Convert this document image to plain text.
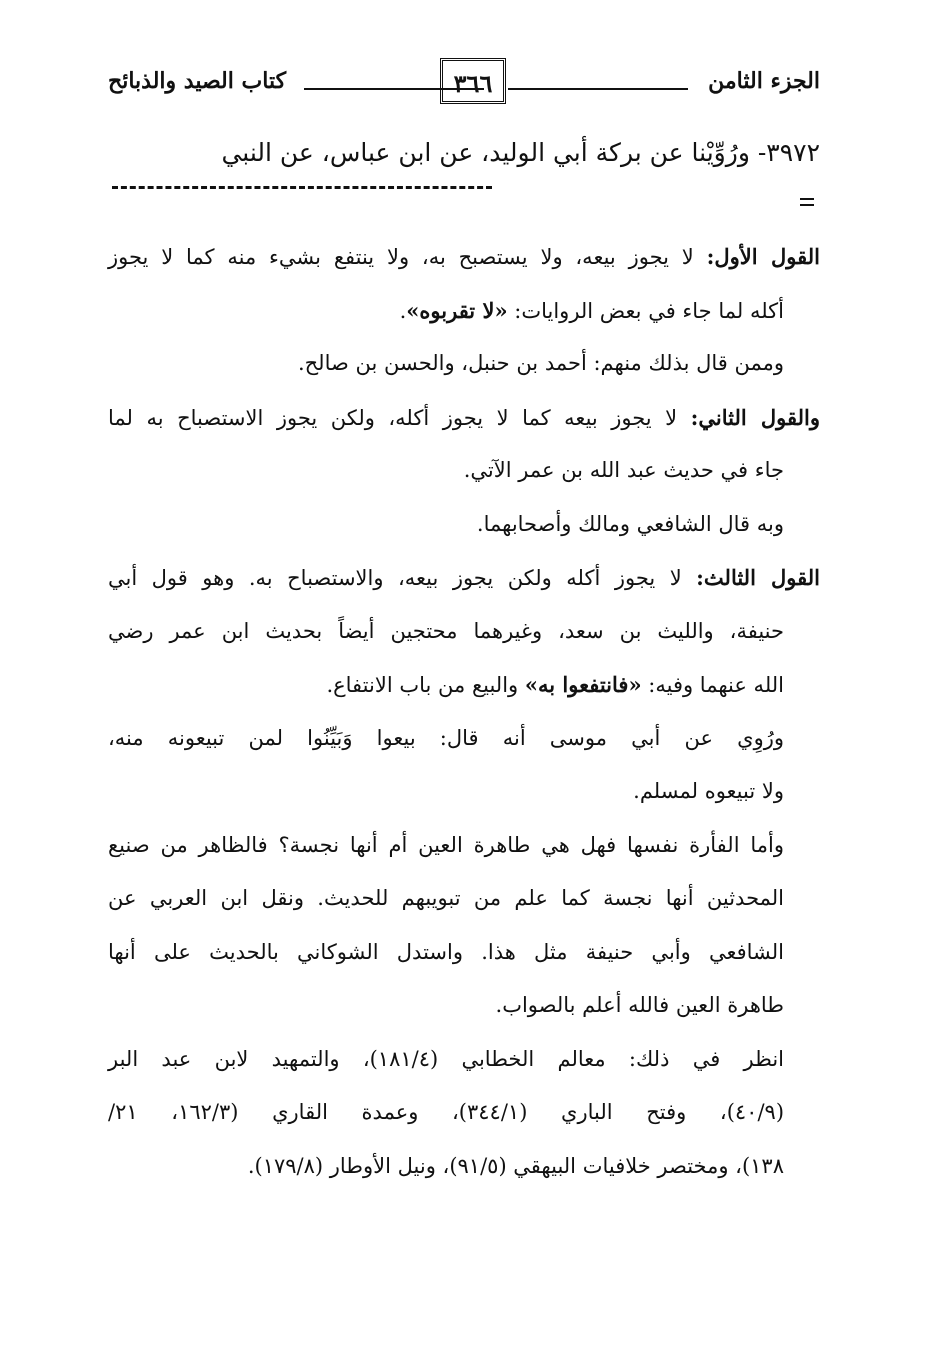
الجزء الثامن
٣٦٦
كتاب الصيد والذبائح
٣٩٧٢- ورُوِّيْنا عن بركة أبي الوليد، عن ابن عباس، عن النبي
القول الأول: لا يجوز بيعه، ولا يستصبح به، ولا ينتفع بشيء منه كما لا يجوز
أكله لما جاء في بعض الروايات: «لا تقربوه».
وممن قال بذلك منهم: أحمد بن حنبل، والحسن بن صالح.
والقول الثاني: لا يجوز بيعه كما لا يجوز أكله، ولكن يجوز الاستصباح به لما
جاء في حديث عبد الله بن عمر الآتي.
وبه قال الشافعي ومالك وأصحابهما.
القول الثالث: لا يجوز أكله ولكن يجوز بيعه، والاستصباح به. وهو قول أبي
حنيفة، والليث بن سعد، وغيرهما محتجين أيضاً بحديث ابن عمر رضي
الله عنهما وفيه: «فانتفعوا به» والبيع من باب الانتفاع.
ورُوِي عن أبي موسى أنه قال: بيعوا وَبَيِّنُوا لمن تبيعونه منه،
ولا تبيعوه لمسلم.
وأما الفأرة نفسها فهل هي طاهرة العين أم أنها نجسة؟ فالظاهر من صنيع
المحدثين أنها نجسة كما علم من تبويبهم للحديث. ونقل ابن العربي عن
الشافعي وأبي حنيفة مثل هذا. واستدل الشوكاني بالحديث على أنها
طاهرة العين فالله أعلم بالصواب.
انظر في ذلك: معالم الخطابي (١٨١/٤)، والتمهيد لابن عبد البر
(٤٠/٩)، وفتح الباري (٣٤٤/١)، وعمدة القاري (١٦٢/٣، ٢١/
١٣٨)، ومختصر خلافيات البيهقي (٩١/٥)، ونيل الأوطار (١٧٩/٨).
